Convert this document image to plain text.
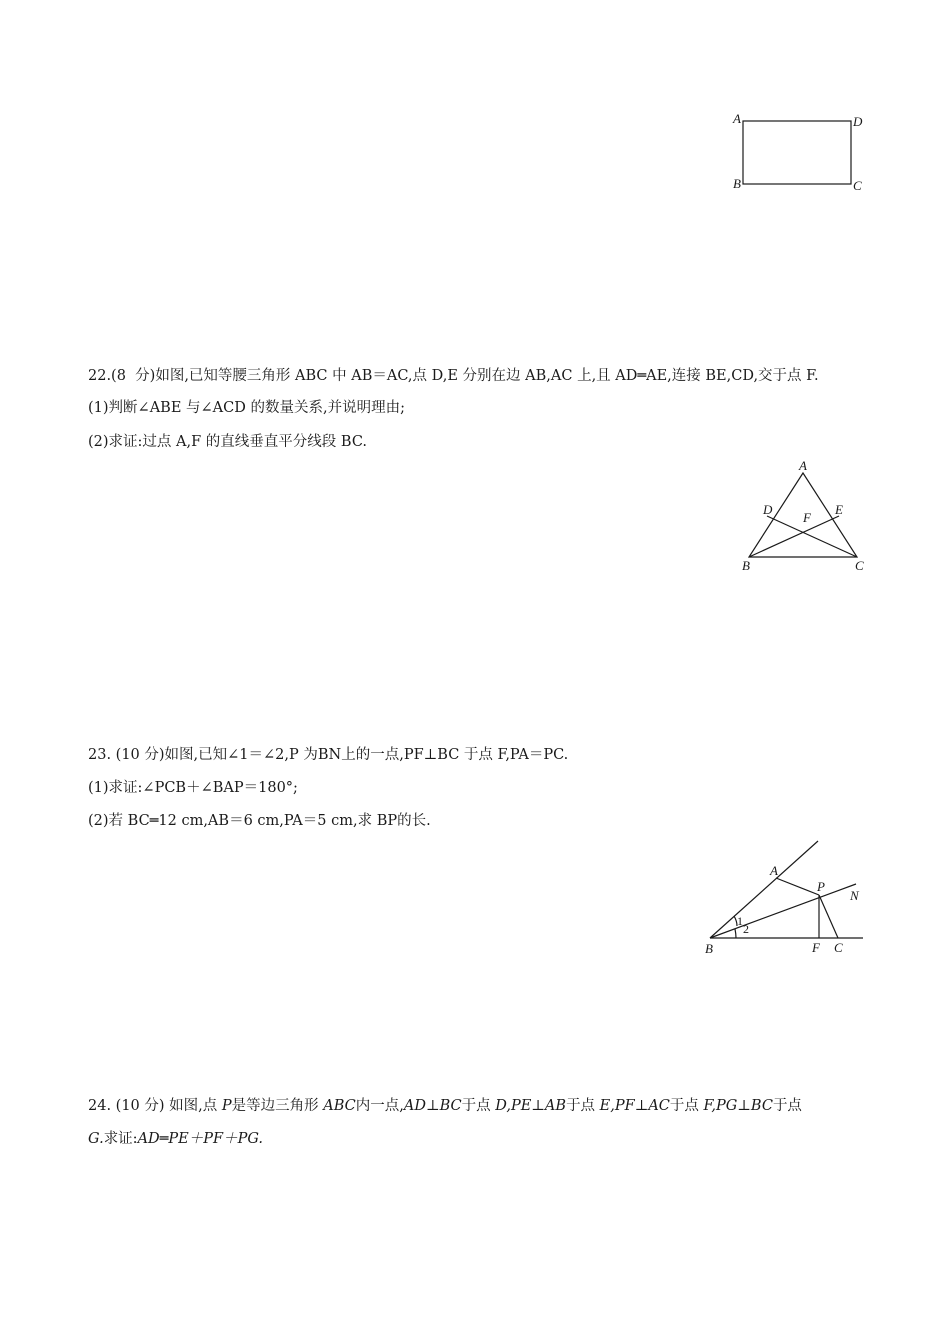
A	D
B	C
22.(8  分)如图,已知等腰三角形 ABC 中 AB＝AC,点 D,E 分别在边 AB,AC 上,且 AD═AE,连接 BE,CD,交于点 F.
(1)判断∠ABE 与∠ACD 的数量关系,并说明理由;
(2)求证:过点 A,F 的直线垂直平分线段 BC.
A
D	E
F
B	C
23. (10 分)如图,已知∠1＝∠2,P 为BN上的一点,PF⊥BC 于点 F,PA＝PC.
(1)求证:∠PCB＋∠BAP＝180°;
(2)若 BC═12 cm,AB＝6 cm,PA＝5 cm,求 BP的长.
A
P
N
1
2
B	F C
24. (10 分) 如图,点 P是等边三角形 ABC内一点,AD⊥BC于点 D,PE⊥AB于点 E,PF⊥AC于点 F,PG⊥BC于点
G.求证:AD═PE＋PF＋PG.
